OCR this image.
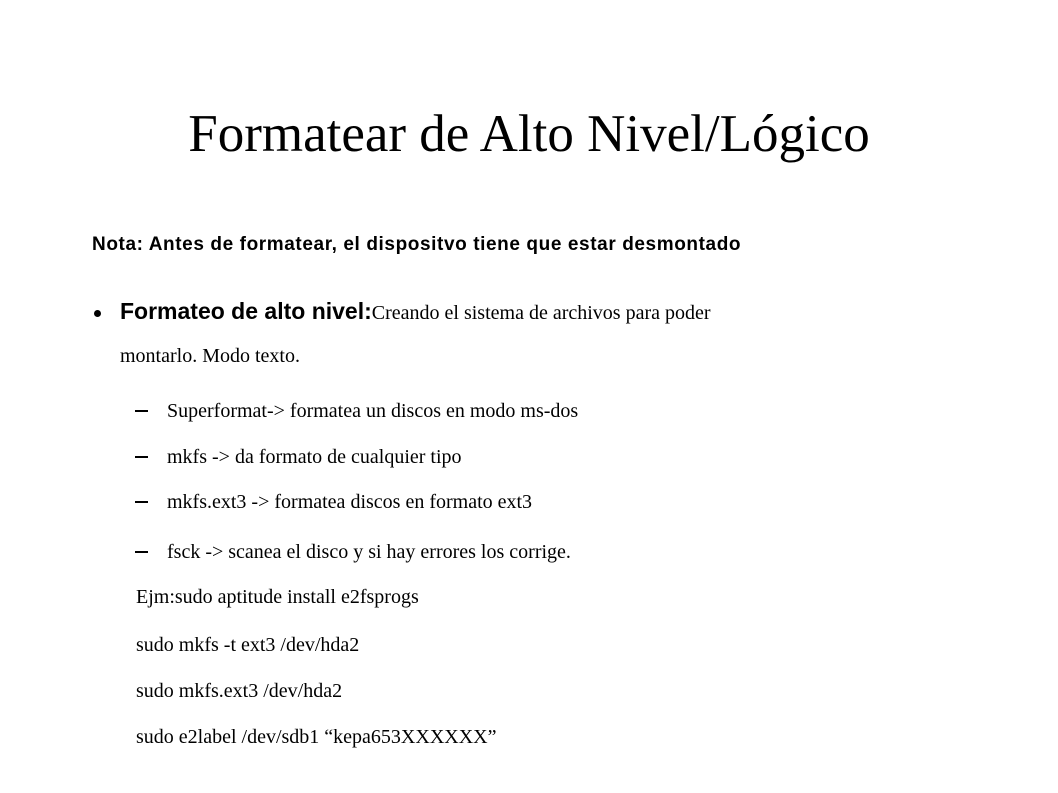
Formatear de Alto Nivel/Lógico
Nota: Antes de formatear, el dispositvo tiene que estar desmontado
Formateo de alto nivel:Creando el sistema de archivos para poder
montarlo. Modo texto.
Superformat-> formatea un discos en modo ms-dos
mkfs -> da formato de cualquier tipo
mkfs.ext3 -> formatea discos en formato ext3
fsck -> scanea el disco y si hay errores los corrige.
Ejm:sudo aptitude install e2fsprogs
sudo mkfs -t ext3 /dev/hda2
sudo mkfs.ext3 /dev/hda2
sudo e2label /dev/sdb1 “kepa653XXXXXX”
